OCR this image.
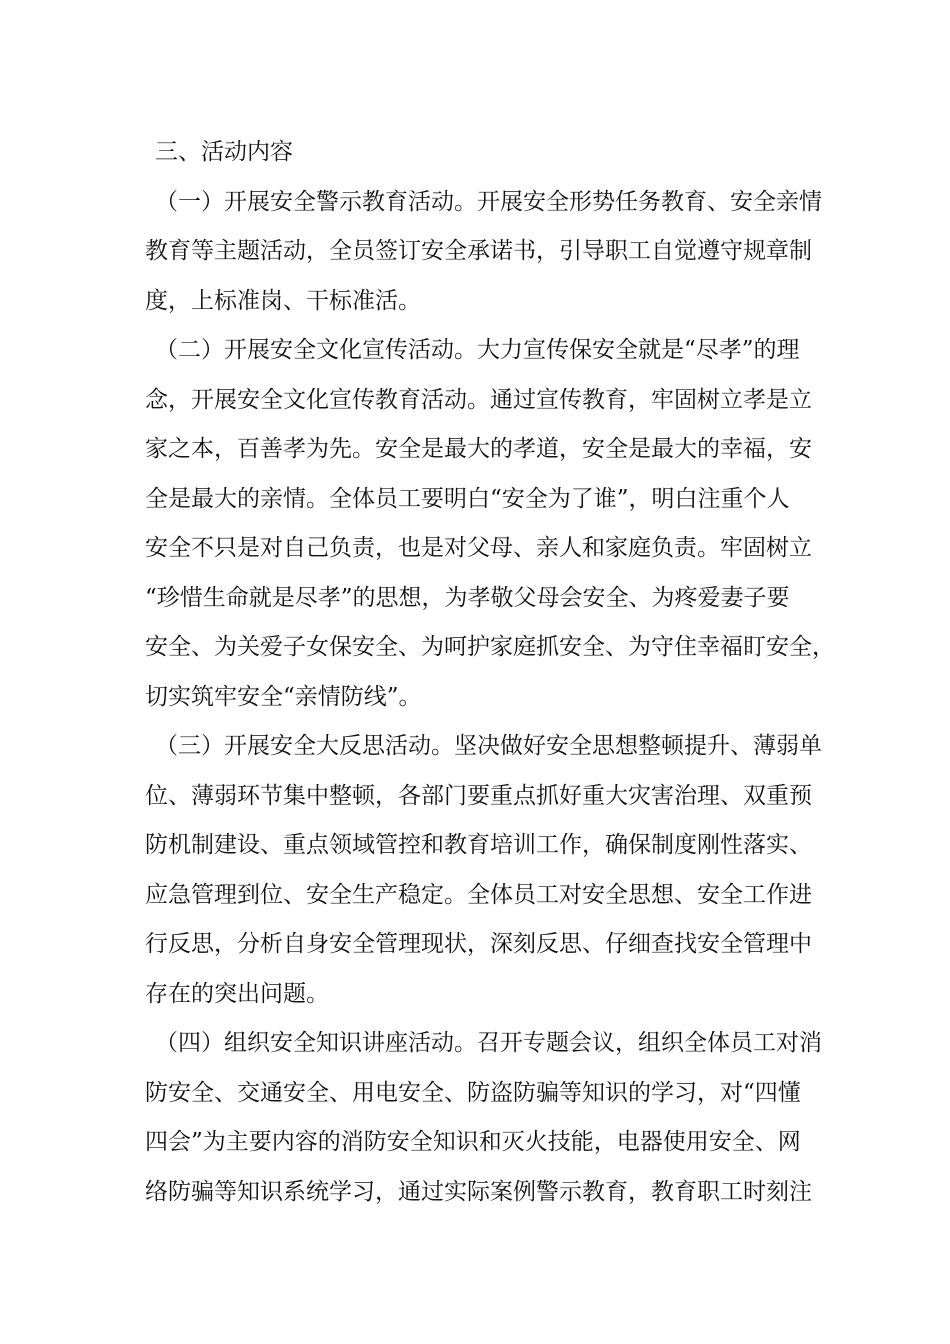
三、活动内容
（一）开展安全警示教育活动。开展安全形势任务教育、安全亲情
教育等主题活动，全员签订安全承诺书，引导职工自觉遵守规章制
度，上标准岗、干标准活。
（二）开展安全文化宣传活动。大力宣传保安全就是“尽孝”的理
念，开展安全文化宣传教育活动。通过宣传教育，牢固树立孝是立
家之本，百善孝为先。安全是最大的孝道，安全是最大的幸福，安
全是最大的亲情。全体员工要明白“安全为了谁”，明白注重个人
安全不只是对自己负责，也是对父母、亲人和家庭负责。牢固树立
“珍惜生命就是尽孝”的思想，为孝敬父母会安全、为疼爱妻子要
安全、为关爱子女保安全、为呵护家庭抓安全、为守住幸福盯安全，
切实筑牢安全“亲情防线”。
（三）开展安全大反思活动。坚决做好安全思想整顿提升、薄弱单
位、薄弱环节集中整顿，各部门要重点抓好重大灾害治理、双重预
防机制建设、重点领域管控和教育培训工作，确保制度刚性落实、
应急管理到位、安全生产稳定。全体员工对安全思想、安全工作进
行反思，分析自身安全管理现状，深刻反思、仔细查找安全管理中
存在的突出问题。
（四）组织安全知识讲座活动。召开专题会议，组织全体员工对消
防安全、交通安全、用电安全、防盗防骗等知识的学习，对“四懂
四会”为主要内容的消防安全知识和灭火技能，电器使用安全、网
络防骗等知识系统学习，通过实际案例警示教育，教育职工时刻注
